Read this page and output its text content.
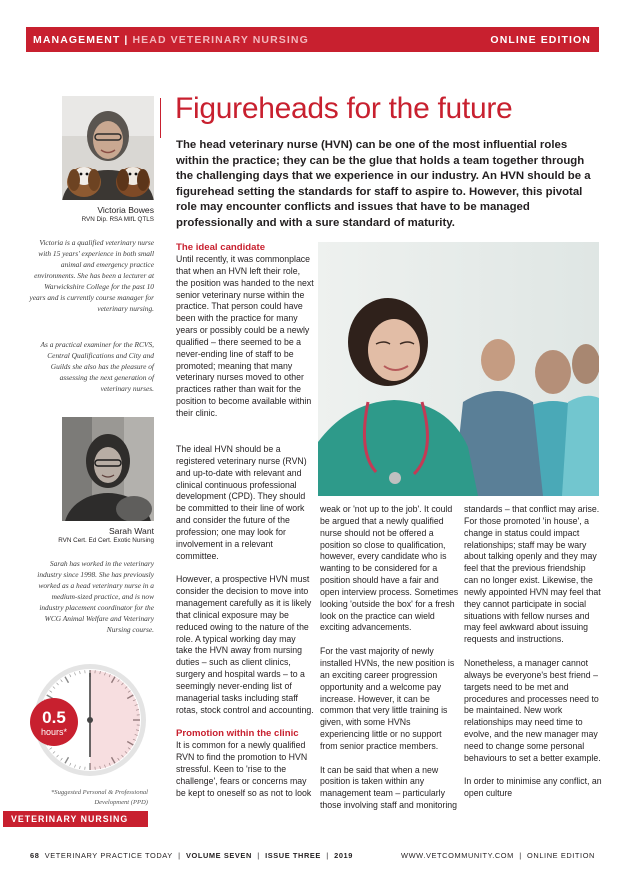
MANAGEMENT | HEAD VETERINARY NURSING	ONLINE EDITION
Victoria Bowes
RVN Dip. RSA MIfL QTLS
Victoria is a qualified veterinary nurse with 15 years' experience in both small animal and emergency practice environments. She has been a lecturer at Warwickshire College for the past 10 years and is currently course manager for veterinary nursing.
As a practical examiner for the RCVS, Central Qualifications and City and Guilds she also has the pleasure of assessing the next generation of veterinary nurses.
Sarah Want
RVN Cert. Ed Cert. Exotic Nursing
Sarah has worked in the veterinary industry since 1998. She has previously worked as a head veterinary nurse in a medium-sized practice, and is now industry placement coordinator for the WCG Animal Welfare and Veterinary Nursing course.
0.5
hours*
*Suggested Personal & Professional Development (PPD)
VETERINARY NURSING
Figureheads for the future
The head veterinary nurse (HVN) can be one of the most influential roles within the practice; they can be the glue that holds a team together through the challenging days that we experience in our industry. An HVN should be a figurehead setting the standards for staff to aspire to. However, this pivotal role may encounter conflicts and issues that have to be managed professionally and with a sure standard of maturity.
The ideal candidate

Until recently, it was commonplace that when an HVN left their role, the position was handed to the next senior veterinary nurse within the practice. That person could have been with the practice for many years or possibly could be a newly qualified – there seemed to be a never-ending line of staff to be promoted; meaning that many veterinary nurses moved to other practices rather than wait for the position to become available within their clinic.

The ideal HVN should be a registered veterinary nurse (RVN) and up-to-date with relevant and clinical continuous professional development (CPD). They should be committed to their line of work and consider the future of the profession; one may look for involvement in a relevant committee.

However, a prospective HVN must consider the decision to move into management carefully as it is likely that clinical exposure may be reduced owing to the nature of the role. A typical working day may take the HVN away from nursing duties – such as client clinics, surgery and hospital wards – to a seemingly never-ending list of managerial tasks including staff rotas, stock control and accounting.

Promotion within the clinic

It is common for a newly qualified RVN to find the promotion to HVN stressful. Keen to 'rise to the challenge', fears or concerns may be kept to oneself so as not to look

weak or 'not up to the job'. It could be argued that a newly qualified nurse should not be offered a position so close to qualification, however, every candidate who is wanting to be considered for a position should have a fair and open interview process. Sometimes looking 'outside the box' for a fresh look on the practice can wield exciting advancements.

For the vast majority of newly installed HVNs, the new position is an exciting career progression opportunity and a welcome pay increase. However, it can be common that very little training is given, with some HVNs experiencing little or no support from senior practice members.

It can be said that when a new position is taken within any management team – particularly those involving staff and monitoring

standards – that conflict may arise. For those promoted 'in house', a change in status could impact relationships; staff may be wary about talking openly and they may feel that the previous friendship can no longer exist. Likewise, the newly appointed HVN may feel that they cannot participate in social situations with fellow nurses and may feel awkward about issuing requests and instructions.

Nonetheless, a manager cannot always be everyone's best friend – targets need to be met and procedures and processes need to be maintained. New work relationships may need time to evolve, and the new manager may need to change some personal behaviours to set a better example.

In order to minimise any conflict, an open culture

68 VETERINARY PRACTICE TODAY | VOLUME SEVEN | ISSUE THREE | 2019	WWW.VETCOMMUNITY.COM | ONLINE EDITION
